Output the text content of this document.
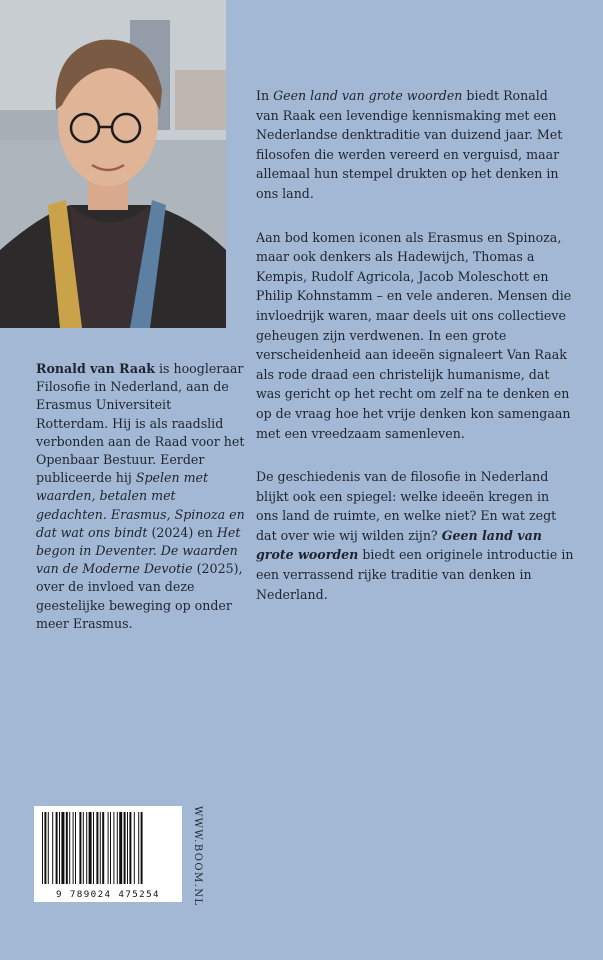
Ronald van Raak is hoogleraar Filosofie in Nederland, aan de Erasmus Universiteit Rotterdam. Hij is als raadslid verbonden aan de Raad voor het Openbaar Bestuur. Eerder publiceerde hij Spelen met waarden, betalen met gedachten. Erasmus, Spinoza en dat wat ons bindt (2024) en Het begon in Deventer. De waarden van de Moderne Devotie (2025), over de invloed van deze geestelijke beweging op onder meer Erasmus.

In Geen land van grote woorden biedt Ronald van Raak een levendige kennismaking met een Nederlandse denktraditie van duizend jaar. Met filosofen die werden vereerd en verguisd, maar allemaal hun stempel drukten op het denken in ons land.

Aan bod komen iconen als Erasmus en Spinoza, maar ook denkers als Hadewijch, Thomas a Kempis, Rudolf Agricola, Jacob Moleschott en Philip Kohnstamm – en vele anderen. Mensen die invloedrijk waren, maar deels uit ons collectieve geheugen zijn verdwenen. In een grote verscheidenheid aan ideeën signaleert Van Raak als rode draad een christelijk humanisme, dat was gericht op het recht om zelf na te denken en op de vraag hoe het vrije denken kon samengaan met een vreedzaam samenleven.

De geschiedenis van de filosofie in Nederland blijkt ook een spiegel: welke ideeën kregen in ons land de ruimte, en welke niet? En wat zegt dat over wie wij wilden zijn? Geen land van grote woorden biedt een originele introductie in een verrassend rijke traditie van denken in Nederland.

9 789024 475254	WWW.BOOM.NL
